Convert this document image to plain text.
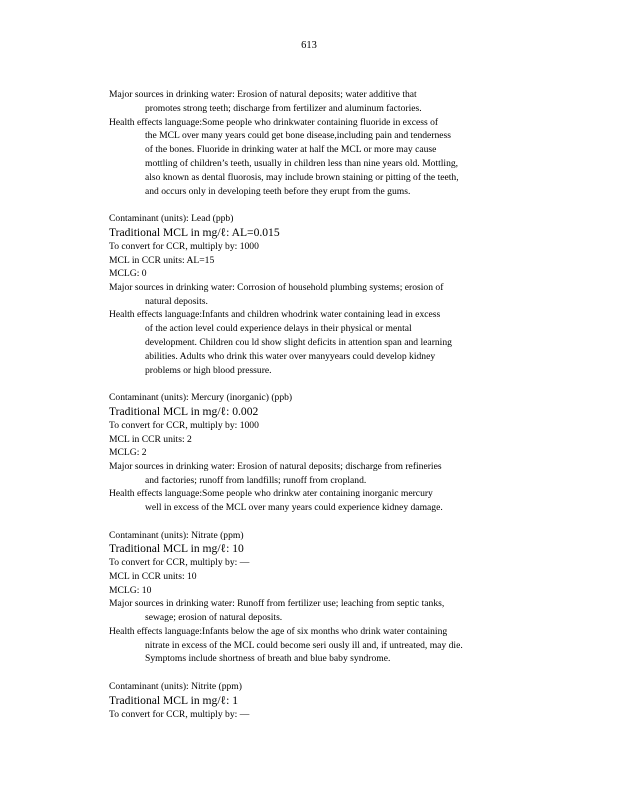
613
Major sources in drinking water: Erosion of natural deposits; water additive that
promotes strong teeth; discharge from fertilizer and aluminum factories.
Health effects language:Some people who drinkwater containing fluoride in excess of
the MCL over many years could get bone disease,including pain and tenderness
of the bones. Fluoride in drinking water at half the MCL or more may cause
mottling of children’s teeth, usually in children less than nine years old. Mottling,
also known as dental fluorosis, may include brown staining or pitting of the teeth,
and occurs only in developing teeth before they erupt from the gums.
Contaminant (units): Lead (ppb)
Traditional MCL in mg/ℓ: AL=0.015
To convert for CCR, multiply by: 1000
MCL in CCR units: AL=15
MCLG: 0
Major sources in drinking water: Corrosion of household plumbing systems; erosion of
natural deposits.
Health effects language:Infants and children whodrink water containing lead in excess
of the action level could experience delays in their physical or mental
development. Children cou ld show slight deficits in attention span and learning
abilities. Adults who drink this water over manyyears could develop kidney
problems or high blood pressure.
Contaminant (units): Mercury (inorganic) (ppb)
Traditional MCL in mg/ℓ: 0.002
To convert for CCR, multiply by: 1000
MCL in CCR units: 2
MCLG: 2
Major sources in drinking water: Erosion of natural deposits; discharge from refineries
and factories; runoff from landfills; runoff from cropland.
Health effects language:Some people who drinkw ater containing inorganic mercury
well in excess of the MCL over many years could experience kidney damage.
Contaminant (units): Nitrate (ppm)
Traditional MCL in mg/ℓ: 10
To convert for CCR, multiply by: —
MCL in CCR units: 10
MCLG: 10
Major sources in drinking water: Runoff from fertilizer use; leaching from septic tanks,
sewage; erosion of natural deposits.
Health effects language:Infants below the age of six months who drink water containing
nitrate in excess of the MCL could become seri ously ill and, if untreated, may die.
Symptoms include shortness of breath and blue baby syndrome.
Contaminant (units): Nitrite (ppm)
Traditional MCL in mg/ℓ: 1
To convert for CCR, multiply by: —
